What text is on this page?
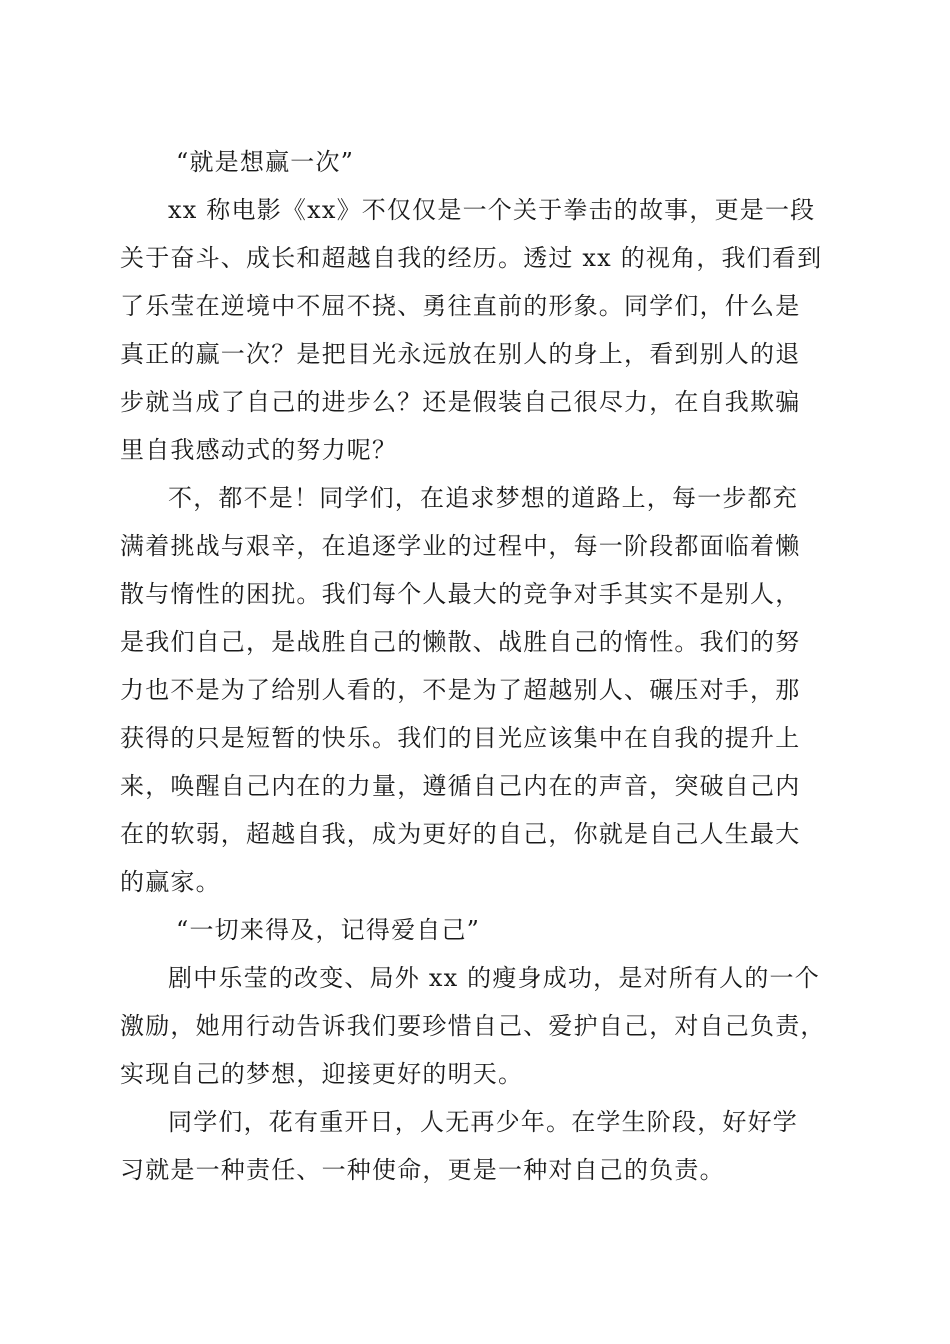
“就是想赢一次”
xx 称电影《xx》不仅仅是一个关于拳击的故事，更是一段
关于奋斗、成长和超越自我的经历。透过 xx 的视角，我们看到
了乐莹在逆境中不屈不挠、勇往直前的形象。同学们，什么是
真正的赢一次？是把目光永远放在别人的身上，看到别人的退
步就当成了自己的进步么？还是假装自己很尽力，在自我欺骗
里自我感动式的努力呢？
不，都不是！同学们，在追求梦想的道路上，每一步都充
满着挑战与艰辛，在追逐学业的过程中，每一阶段都面临着懒
散与惰性的困扰。我们每个人最大的竞争对手其实不是别人，
是我们自己，是战胜自己的懒散、战胜自己的惰性。我们的努
力也不是为了给别人看的，不是为了超越别人、碾压对手，那
获得的只是短暂的快乐。我们的目光应该集中在自我的提升上
来，唤醒自己内在的力量，遵循自己内在的声音，突破自己内
在的软弱，超越自我，成为更好的自己，你就是自己人生最大
的赢家。
“一切来得及，记得爱自己”
剧中乐莹的改变、局外 xx 的瘦身成功，是对所有人的一个
激励，她用行动告诉我们要珍惜自己、爱护自己，对自己负责，
实现自己的梦想，迎接更好的明天。
同学们，花有重开日，人无再少年。在学生阶段，好好学
习就是一种责任、一种使命，更是一种对自己的负责。
